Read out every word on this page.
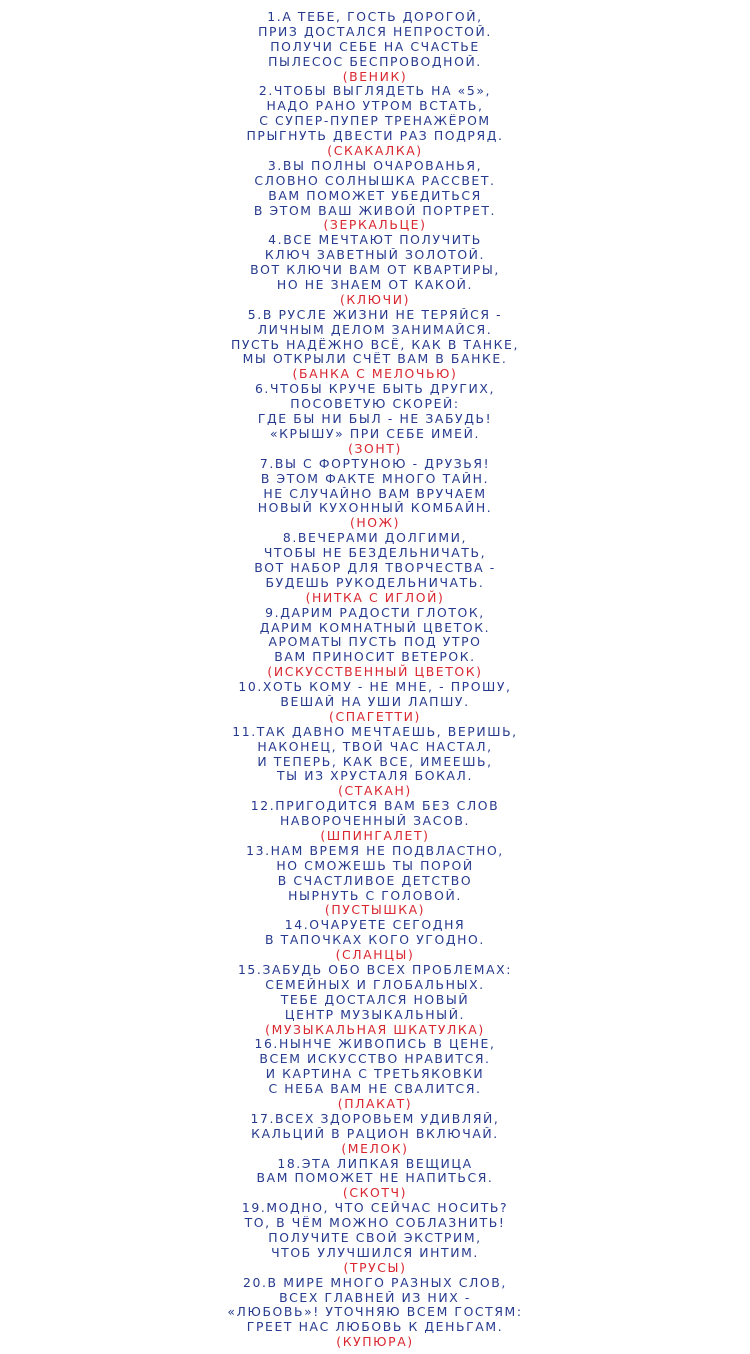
1.А ТЕБЕ, ГОСТЬ ДОРОГОЙ,
ПРИЗ ДОСТАЛСЯ НЕПРОСТОЙ.
ПОЛУЧИ СЕБЕ НА СЧАСТЬЕ
ПЫЛЕСОС БЕСПРОВОДНОЙ.
(ВЕНИК)
2.ЧТОБЫ ВЫГЛЯДЕТЬ НА «5»,
НАДО РАНО УТРОМ ВСТАТЬ,
С СУПЕР-ПУПЕР ТРЕНАЖЁРОМ
ПРЫГНУТЬ ДВЕСТИ РАЗ ПОДРЯД.
(СКАКАЛКА)
3.ВЫ ПОЛНЫ ОЧАРОВАНЬЯ,
СЛОВНО СОЛНЫШКА РАССВЕТ.
ВАМ ПОМОЖЕТ УБЕДИТЬСЯ
В ЭТОМ ВАШ ЖИВОЙ ПОРТРЕТ.
(ЗЕРКАЛЬЦЕ)
4.ВСЕ МЕЧТАЮТ ПОЛУЧИТЬ
КЛЮЧ ЗАВЕТНЫЙ ЗОЛОТОЙ.
ВОТ КЛЮЧИ ВАМ ОТ КВАРТИРЫ,
НО НЕ ЗНАЕМ ОТ КАКОЙ.
(КЛЮЧИ)
5.В РУСЛЕ ЖИЗНИ НЕ ТЕРЯЙСЯ -
ЛИЧНЫМ ДЕЛОМ ЗАНИМАЙСЯ.
ПУСТЬ НАДЁЖНО ВСЁ, КАК В ТАНКЕ,
МЫ ОТКРЫЛИ СЧЁТ ВАМ В БАНКЕ.
(БАНКА С МЕЛОЧЬЮ)
6.ЧТОБЫ КРУЧЕ БЫТЬ ДРУГИХ,
ПОСОВЕТУЮ СКОРЕЙ:
ГДЕ БЫ НИ БЫЛ - НЕ ЗАБУДЬ!
«КРЫШУ» ПРИ СЕБЕ ИМЕЙ.
(ЗОНТ)
7.ВЫ С ФОРТУНОЮ - ДРУЗЬЯ!
В ЭТОМ ФАКТЕ МНОГО ТАЙН.
НЕ СЛУЧАЙНО ВАМ ВРУЧАЕМ
НОВЫЙ КУХОННЫЙ КОМБАЙН.
(НОЖ)
8.ВЕЧЕРАМИ ДОЛГИМИ,
ЧТОБЫ НЕ БЕЗДЕЛЬНИЧАТЬ,
ВОТ НАБОР ДЛЯ ТВОРЧЕСТВА -
БУДЕШЬ РУКОДЕЛЬНИЧАТЬ.
(НИТКА С ИГЛОЙ)
9.ДАРИМ РАДОСТИ ГЛОТОК,
ДАРИМ КОМНАТНЫЙ ЦВЕТОК.
АРОМАТЫ ПУСТЬ ПОД УТРО
ВАМ ПРИНОСИТ ВЕТЕРОК.
(ИСКУССТВЕННЫЙ ЦВЕТОК)
10.ХОТЬ КОМУ - НЕ МНЕ, - ПРОШУ,
ВЕШАЙ НА УШИ ЛАПШУ.
(СПАГЕТТИ)
11.ТАК ДАВНО МЕЧТАЕШЬ, ВЕРИШЬ,
НАКОНЕЦ, ТВОЙ ЧАС НАСТАЛ,
И ТЕПЕРЬ, КАК ВСЕ, ИМЕЕШЬ,
ТЫ ИЗ ХРУСТАЛЯ БОКАЛ.
(СТАКАН)
12.ПРИГОДИТСЯ ВАМ БЕЗ СЛОВ
НАВОРОЧЕННЫЙ ЗАСОВ.
(ШПИНГАЛЕТ)
13.НАМ ВРЕМЯ НЕ ПОДВЛАСТНО,
НО СМОЖЕШЬ ТЫ ПОРОЙ
В СЧАСТЛИВОЕ ДЕТСТВО
НЫРНУТЬ С ГОЛОВОЙ.
(ПУСТЫШКА)
14.ОЧАРУЕТЕ СЕГОДНЯ
В ТАПОЧКАХ КОГО УГОДНО.
(СЛАНЦЫ)
15.ЗАБУДЬ ОБО ВСЕХ ПРОБЛЕМАХ:
СЕМЕЙНЫХ И ГЛОБАЛЬНЫХ.
ТЕБЕ ДОСТАЛСЯ НОВЫЙ
ЦЕНТР МУЗЫКАЛЬНЫЙ.
(МУЗЫКАЛЬНАЯ ШКАТУЛКА)
16.НЫНЧЕ ЖИВОПИСЬ В ЦЕНЕ,
ВСЕМ ИСКУССТВО НРАВИТСЯ.
И КАРТИНА С ТРЕТЬЯКОВКИ
С НЕБА ВАМ НЕ СВАЛИТСЯ.
(ПЛАКАТ)
17.ВСЕХ ЗДОРОВЬЕМ УДИВЛЯЙ,
КАЛЬЦИЙ В РАЦИОН ВКЛЮЧАЙ.
(МЕЛОК)
18.ЭТА ЛИПКАЯ ВЕЩИЦА
ВАМ ПОМОЖЕТ НЕ НАПИТЬСЯ.
(СКОТЧ)
19.МОДНО, ЧТО СЕЙЧАС НОСИТЬ?
ТО, В ЧЁМ МОЖНО СОБЛАЗНИТЬ!
ПОЛУЧИТЕ СВОЙ ЭКСТРИМ,
ЧТОБ УЛУЧШИЛСЯ ИНТИМ.
(ТРУСЫ)
20.В МИРЕ МНОГО РАЗНЫХ СЛОВ,
ВСЕХ ГЛАВНЕЙ ИЗ НИХ -
«ЛЮБОВЬ»! УТОЧНЯЮ ВСЕМ ГОСТЯМ:
ГРЕЕТ НАС ЛЮБОВЬ К ДЕНЬГАМ.
(КУПЮРА)
